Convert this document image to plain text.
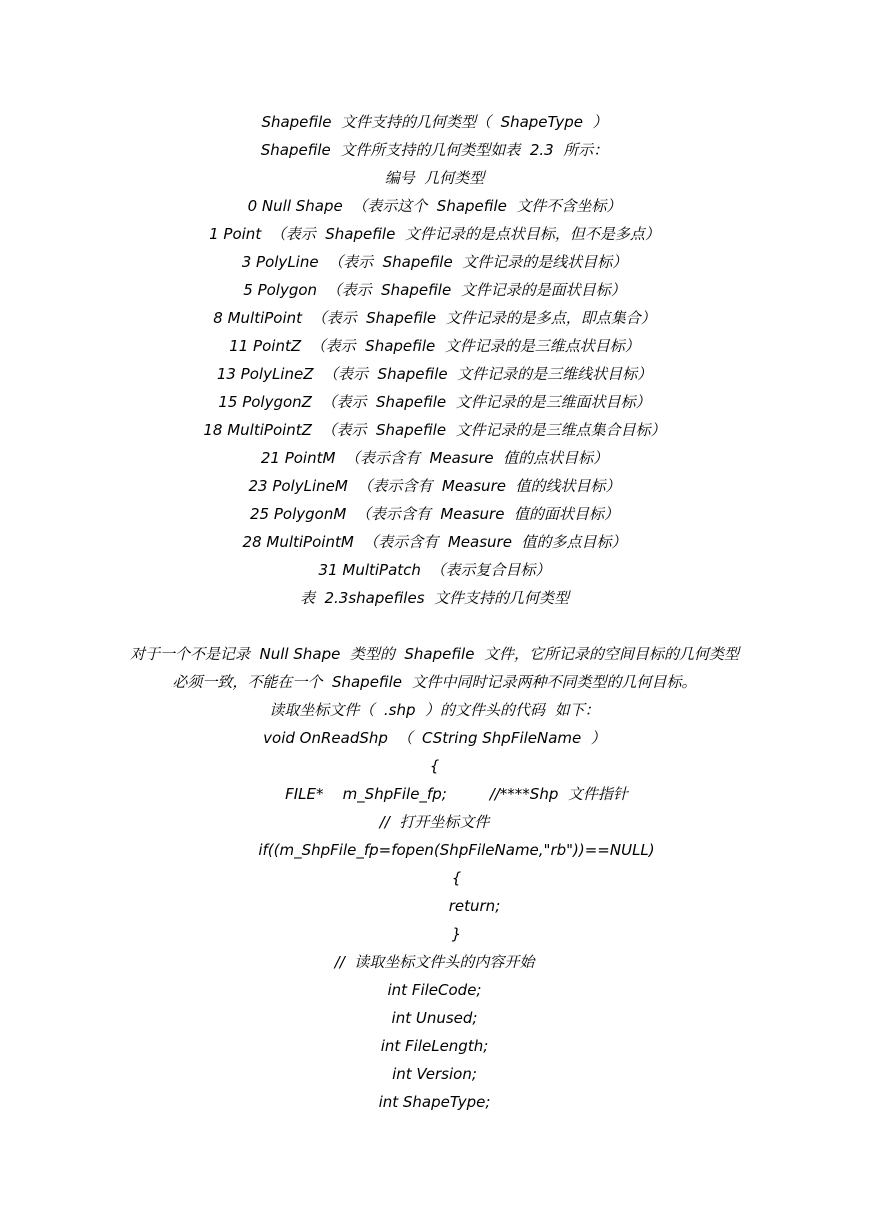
Shapefile  文件支持的几何类型（  ShapeType  ）
Shapefile  文件所支持的几何类型如表  2.3  所示：
编号  几何类型
0 Null Shape  （表示这个  Shapefile  文件不含坐标）
1 Point  （表示  Shapefile  文件记录的是点状目标，但不是多点）
3 PolyLine  （表示  Shapefile  文件记录的是线状目标）
5 Polygon  （表示  Shapefile  文件记录的是面状目标）
8 MultiPoint  （表示  Shapefile  文件记录的是多点，即点集合）
11 PointZ  （表示  Shapefile  文件记录的是三维点状目标）
13 PolyLineZ  （表示  Shapefile  文件记录的是三维线状目标）
15 PolygonZ  （表示  Shapefile  文件记录的是三维面状目标）
18 MultiPointZ  （表示  Shapefile  文件记录的是三维点集合目标）
21 PointM  （表示含有  Measure  值的点状目标）
23 PolyLineM  （表示含有  Measure  值的线状目标）
25 PolygonM  （表示含有  Measure  值的面状目标）
28 MultiPointM  （表示含有  Measure  值的多点目标）
31 MultiPatch  （表示复合目标）
表  2.3shapefiles  文件支持的几何类型
对于一个不是记录  Null Shape  类型的  Shapefile  文件，它所记录的空间目标的几何类型
必须一致，不能在一个  Shapefile  文件中同时记录两种不同类型的几何目标。
读取坐标文件（  .shp  ）的文件头的代码  如下：
void OnReadShp  （  CString ShpFileName  ）
{
FILE*    m_ShpFile_fp;         //****Shp  文件指针
//  打开坐标文件
if((m_ShpFile_fp=fopen(ShpFileName,"rb"))==NULL)
{
return;
}
//  读取坐标文件头的内容开始
int FileCode;
int Unused;
int FileLength;
int Version;
int ShapeType;
